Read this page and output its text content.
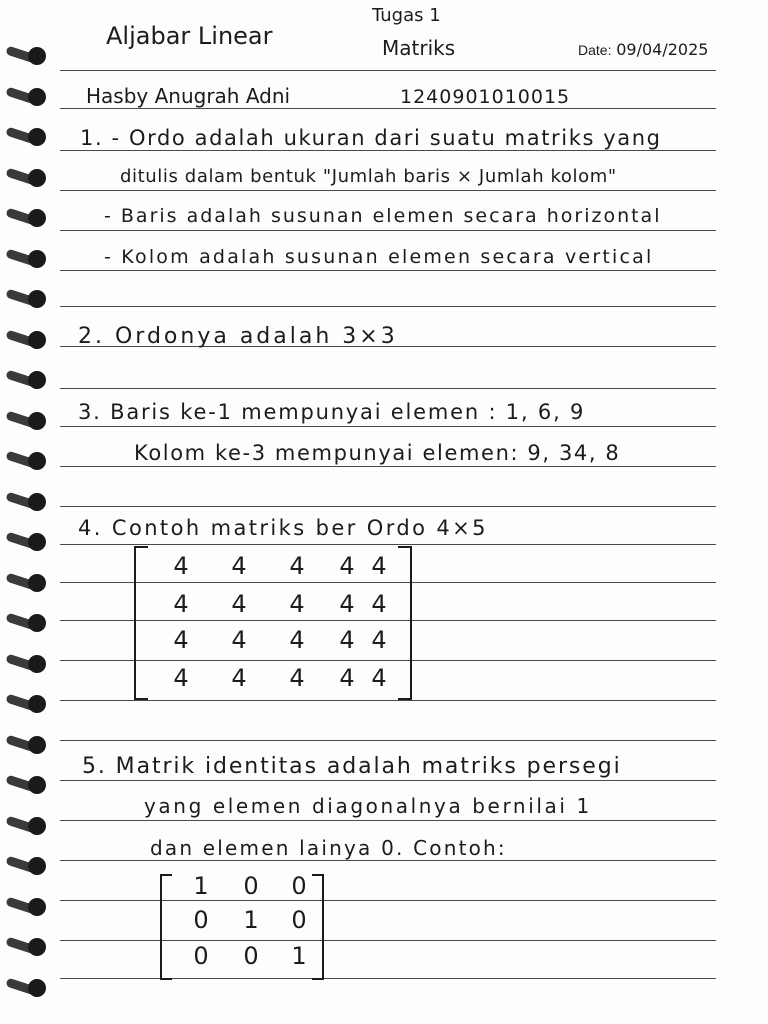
Aljabar Linear
Tugas 1
Matriks	Date: 09/04/2025
Hasby Anugrah Adni	1240901010015
1. - Ordo adalah ukuran dari suatu matriks yang
ditulis dalam bentuk "Jumlah baris × Jumlah kolom"
- Baris adalah susunan elemen secara horizontal
- Kolom adalah susunan elemen secara vertical
2. Ordonya adalah 3×3
3. Baris ke-1 mempunyai elemen : 1, 6, 9
Kolom ke-3 mempunyai elemen: 9, 34, 8
4. Contoh matriks ber Ordo 4×5
4	4	4	4 4
4	4	4	4 4
4	4	4	4 4
4	4	4	4 4
5. Matrik identitas adalah matriks persegi
yang elemen diagonalnya bernilai 1
dan elemen lainya 0. Contoh:
1	0	0
0	1	0
0	0	1
